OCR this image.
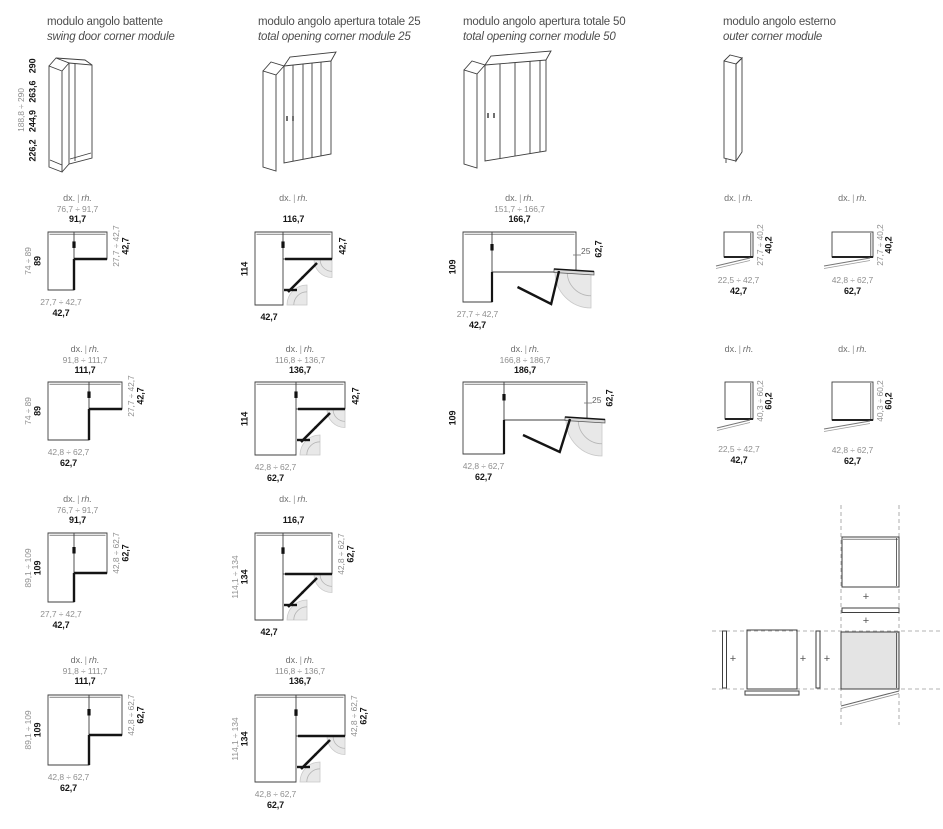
+
+
+	+ +
modulo angolo battente
swing door corner module
modulo angolo apertura totale 25
total opening corner module 25
modulo angolo apertura totale 50
total opening corner module 50
modulo angolo esterno
outer corner module
188,8 ÷ 290 226,2 244,9 263,6 290
dx. | rh.
76,7 ÷ 91,7
91,7
74 ÷ 89 89	27,7 ÷ 42,7 42,7
27,7 ÷ 42,7
42,7
dx. | rh.
91,8 ÷ 111,7
111,7
74 ÷ 89 89	27,7 ÷ 42,7 42,7
42,8 ÷ 62,7
62,7
dx. | rh.
76,7 ÷ 91,7
91,7
89,1 ÷ 109 109	42,8 ÷ 62,7 62,7
27,7 ÷ 42,7
42,7
dx. | rh.
91,8 ÷ 111,7
111,7
89,1 ÷ 109 109	42,8 ÷ 62,7 62,7
42,8 ÷ 62,7
62,7
dx. | rh.
116,7
114
42,7
42,7
dx. | rh.
116,8 ÷ 136,7
136,7
114
42,7
42,8 ÷ 62,7
62,7
dx. | rh.
116,7
114,1 ÷ 134 134
42,8 ÷ 62,7 62,7
42,7
dx. | rh.
116,8 ÷ 136,7
136,7
114,1 ÷ 134 134
42,8 ÷ 62,7 62,7
42,8 ÷ 62,7
62,7
dx. | rh.
151,7 ÷ 166,7
166,7
109
25 62,7
27,7 ÷ 42,7
42,7
dx. | rh.
166,8 ÷ 186,7
186,7
109
25 62,7
42,8 ÷ 62,7
62,7
dx. | rh.
27,7 ÷ 40,2
40,2
22,5 ÷ 42,7
42,7
dx. | rh.
27,7 ÷ 40,2
40,2
42,8 ÷ 62,7
62,7
dx. | rh.
40,3 ÷ 60,2
60,2
22,5 ÷ 42,7
42,7
dx. | rh.
40,3 ÷ 60,2
60,2
42,8 ÷ 62,7
62,7
